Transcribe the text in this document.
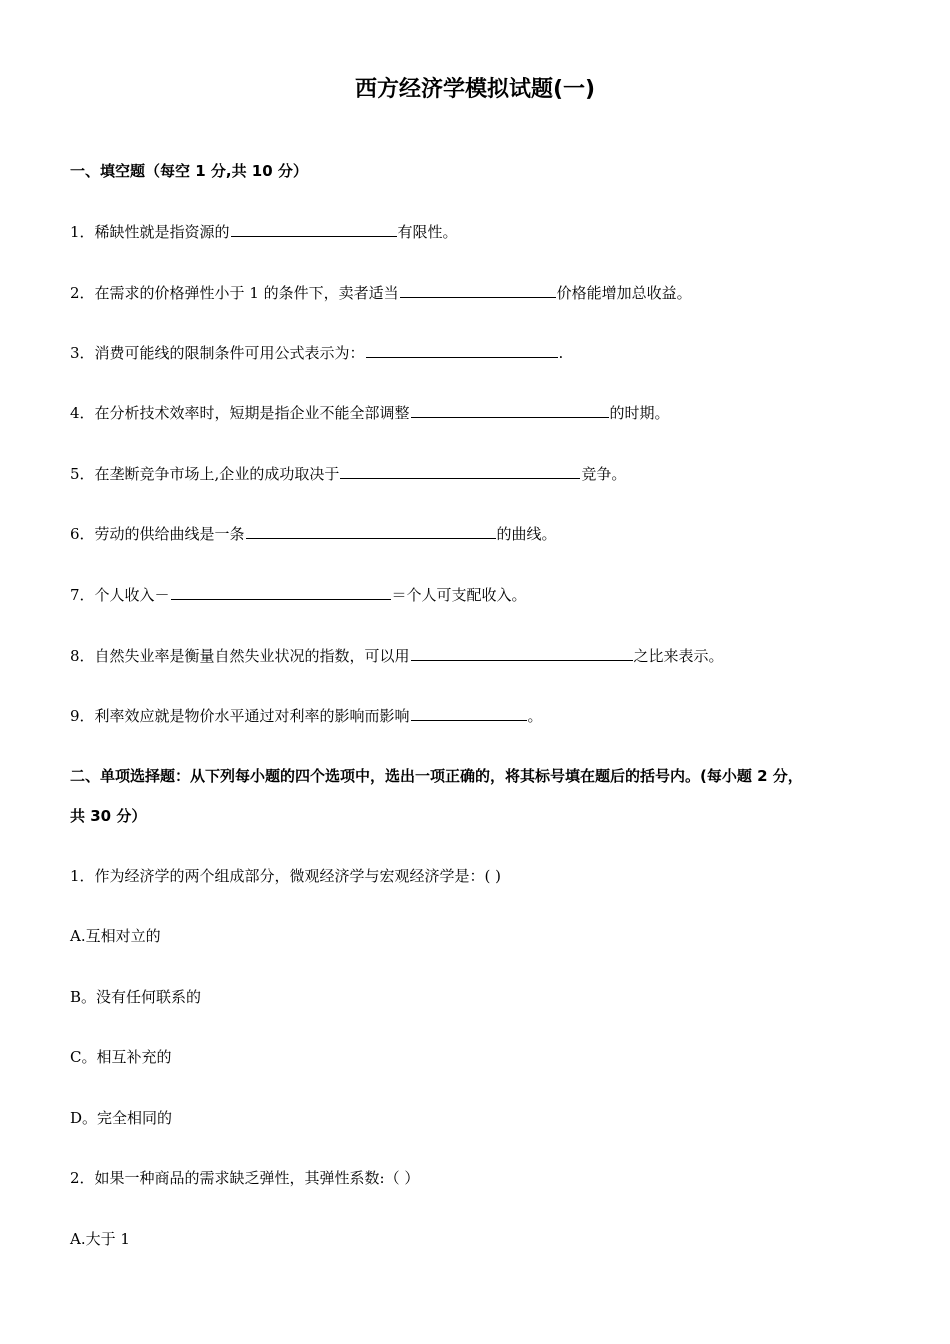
西方经济学模拟试题(一)
一、填空题（每空 1 分,共 10 分）
1．稀缺性就是指资源的	有限性。
2．在需求的价格弹性小于 1 的条件下，卖者适当	价格能增加总收益。
3．消费可能线的限制条件可用公式表示为：	.
4．在分析技术效率时，短期是指企业不能全部调整	的时期。
5．在垄断竞争市场上,企业的成功取决于	竞争。
6．劳动的供给曲线是一条	的曲线。
7．个人收入－	＝个人可支配收入。
8．自然失业率是衡量自然失业状况的指数，可以用	之比来表示。
9．利率效应就是物价水平通过对利率的影响而影响	。
二、单项选择题：从下列每小题的四个选项中，选出一项正确的，将其标号填在题后的括号内。(每小题 2 分，
共 30 分）
1．作为经济学的两个组成部分，微观经济学与宏观经济学是：( )
A.互相对立的
B。没有任何联系的
C。相互补充的
D。完全相同的
2．如果一种商品的需求缺乏弹性，其弹性系数:（ ）
A.大于 1
